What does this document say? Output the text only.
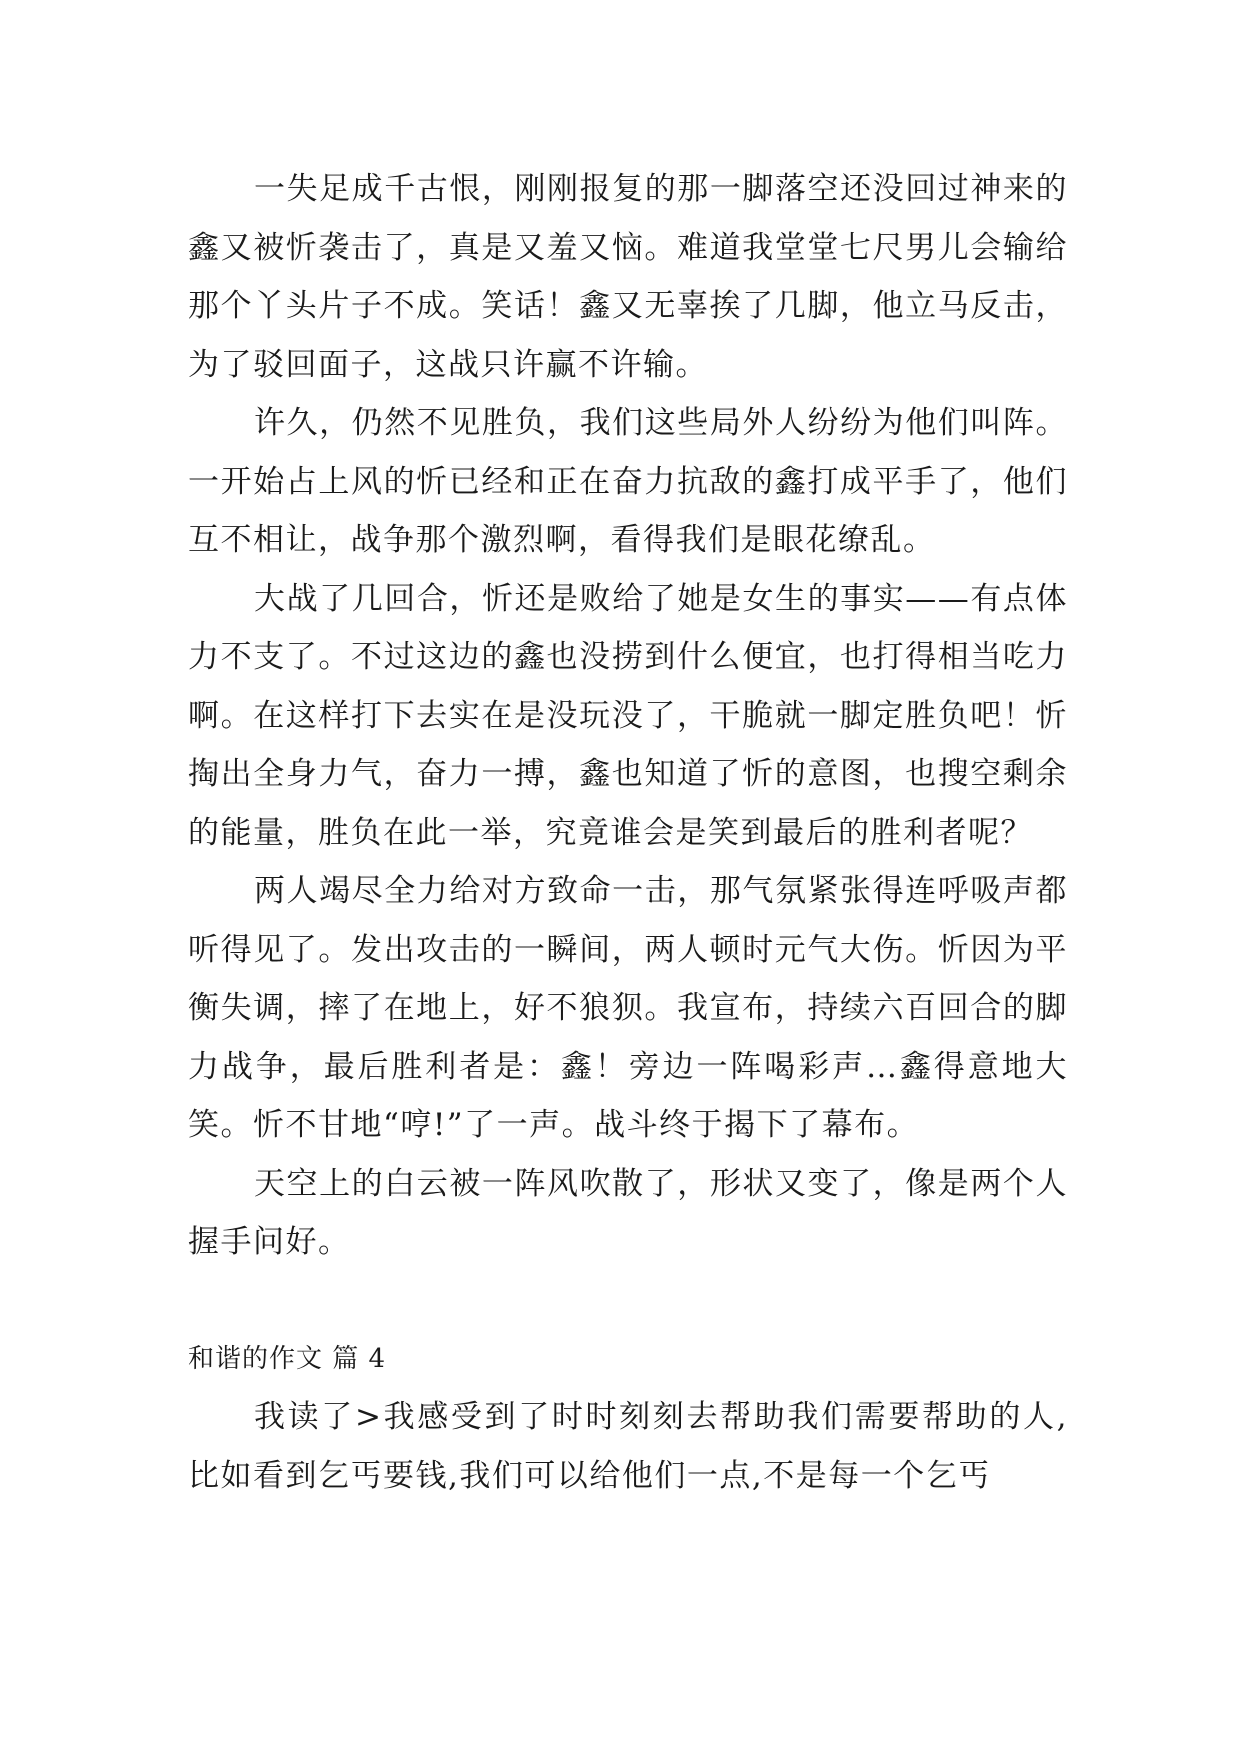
一失足成千古恨，刚刚报复的那一脚落空还没回过神来的鑫又被忻袭击了，真是又羞又恼。难道我堂堂七尺男儿会输给那个丫头片子不成。笑话！鑫又无辜挨了几脚，他立马反击，为了驳回面子，这战只许赢不许输。

许久，仍然不见胜负，我们这些局外人纷纷为他们叫阵。一开始占上风的忻已经和正在奋力抗敌的鑫打成平手了，他们互不相让，战争那个激烈啊，看得我们是眼花缭乱。

大战了几回合，忻还是败给了她是女生的事实——有点体力不支了。不过这边的鑫也没捞到什么便宜，也打得相当吃力啊。在这样打下去实在是没玩没了，干脆就一脚定胜负吧！忻掏出全身力气，奋力一搏，鑫也知道了忻的意图，也搜空剩余的能量，胜负在此一举，究竟谁会是笑到最后的胜利者呢？

两人竭尽全力给对方致命一击，那气氛紧张得连呼吸声都听得见了。发出攻击的一瞬间，两人顿时元气大伤。忻因为平衡失调，摔了在地上，好不狼狈。我宣布，持续六百回合的脚力战争，最后胜利者是：鑫！旁边一阵喝彩声…鑫得意地大笑。忻不甘地“哼!”了一声。战斗终于揭下了幕布。

天空上的白云被一阵风吹散了，形状又变了，像是两个人握手问好。

和谐的作文 篇 4

我读了>我感受到了时时刻刻去帮助我们需要帮助的人,比如看到乞丐要钱,我们可以给他们一点,不是每一个乞丐
